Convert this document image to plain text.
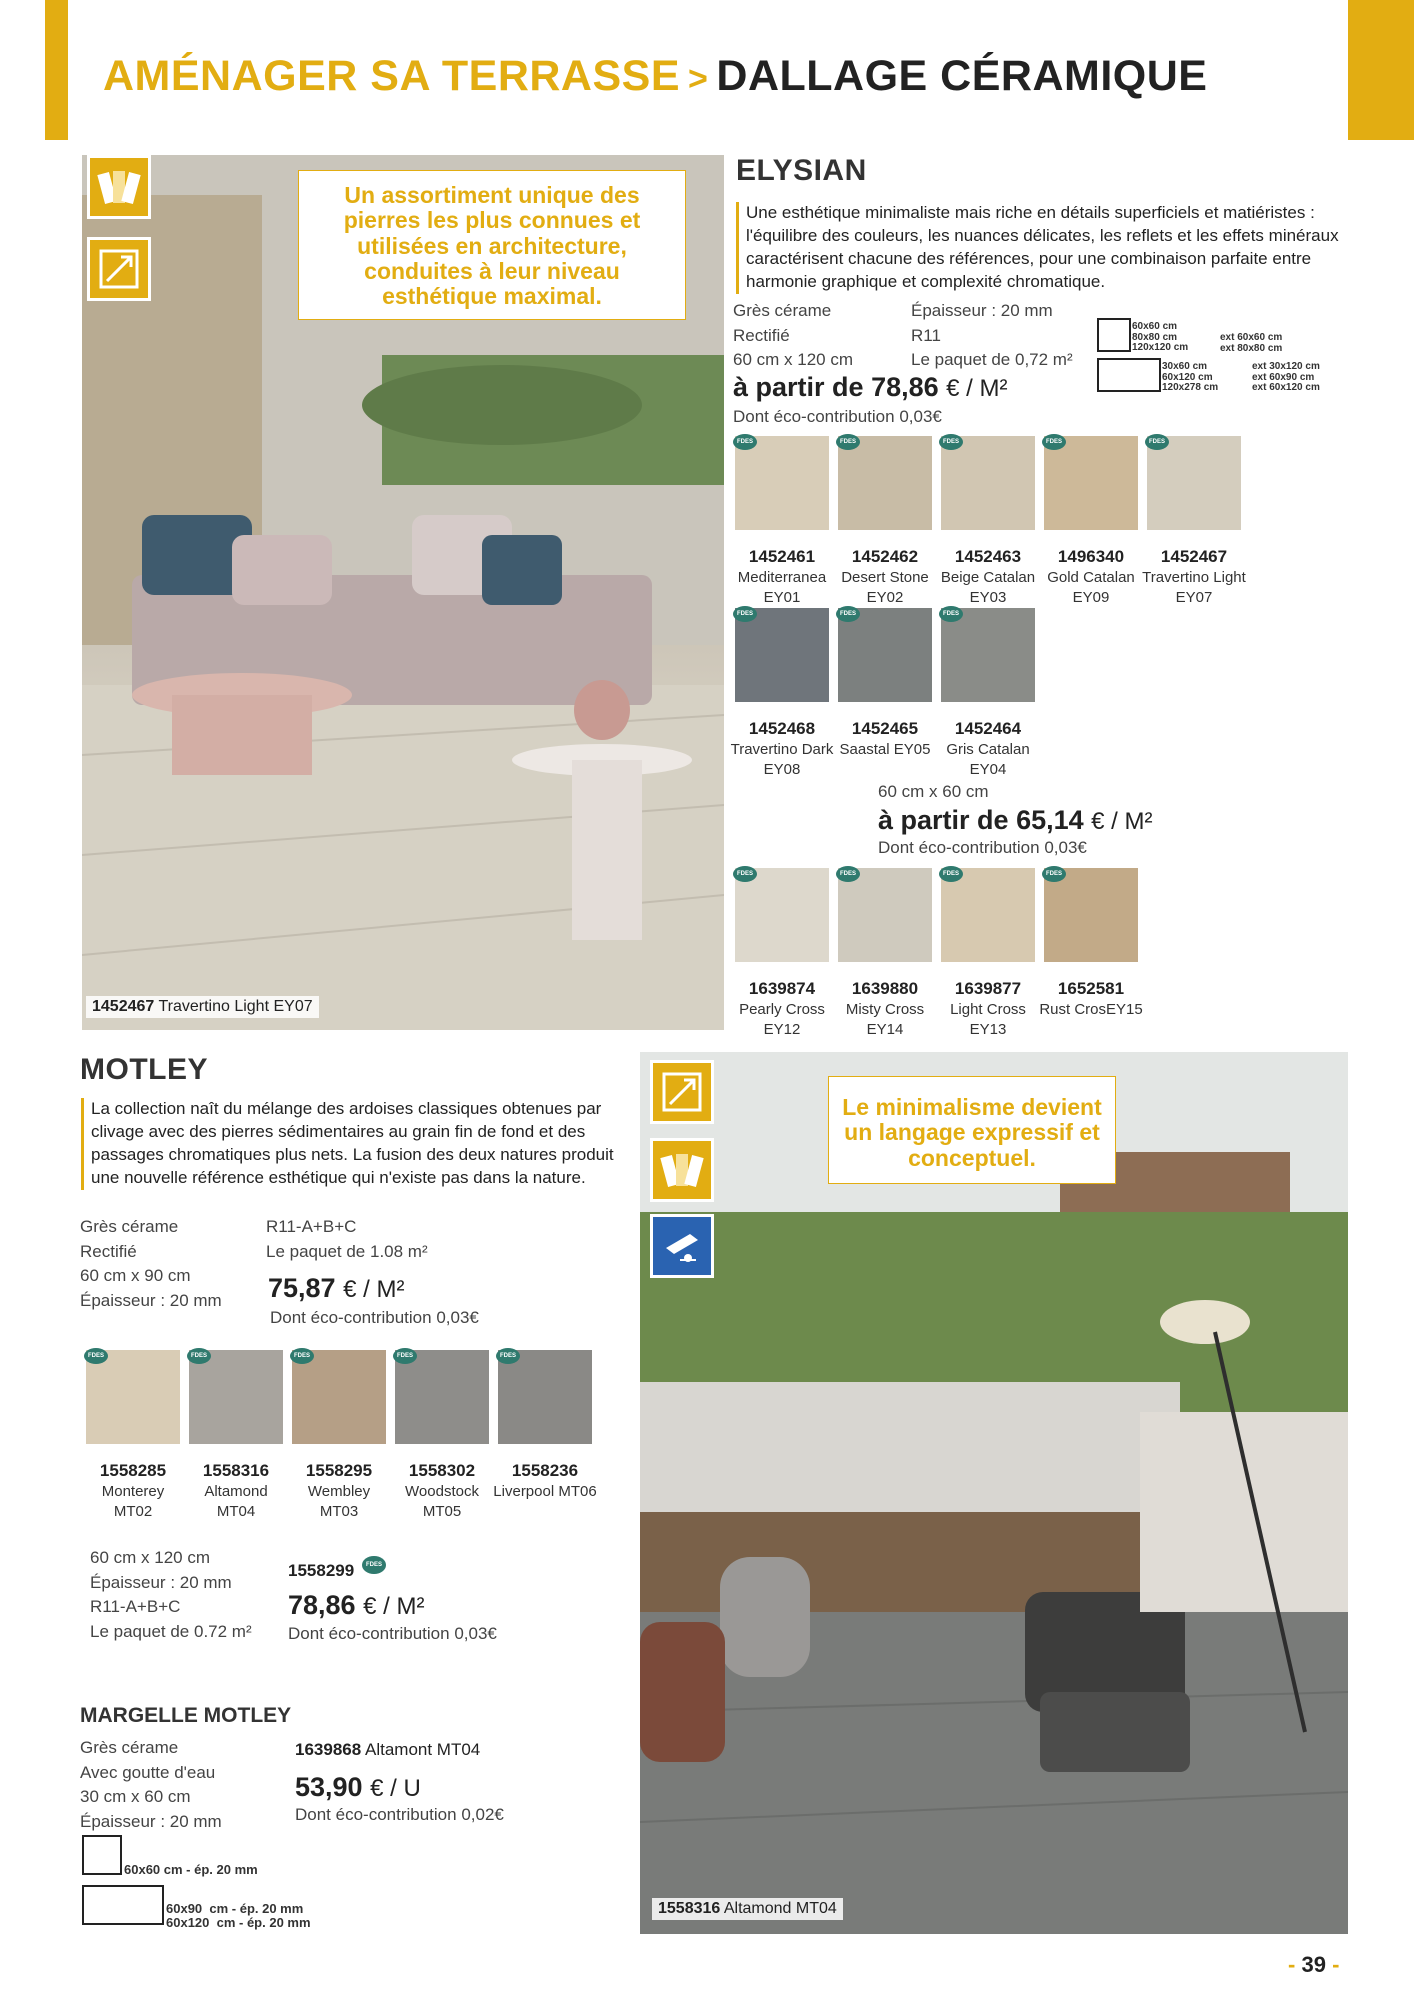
AMÉNAGER SA TERRASSE > DALLAGE CÉRAMIQUE
Un assortiment unique des pierres les plus connues et utilisées en architecture, conduites à leur niveau esthétique maximal.
1452467 Travertino Light EY07
ELYSIAN
Une esthétique minimaliste mais riche en détails superficiels et matiéristes : l'équilibre des couleurs, les nuances délicates, les reflets et les effets minéraux caractérisent chacune des références, pour une combinaison parfaite entre harmonie graphique et complexité chromatique.
Grès cérame
Rectifié
60 cm x 120 cm
Épaisseur : 20 mm
R11
Le paquet de 0,72 m²
à partir de 78,86 € / M²
Dont éco-contribution 0,03€
60x60 cm
80x80 cm
120x120 cm
ext 60x60 cm
ext 80x80 cm
30x60 cm
60x120 cm
120x278 cm
ext 30x120 cm
ext 60x90 cm
ext 60x120 cm
FDES
1452461
Mediterranea EY01
FDES
1452462
Desert Stone EY02
FDES
1452463
Beige Catalan EY03
FDES
1496340
Gold Catalan EY09
FDES
1452467
Travertino Light EY07
FDES
1452468
Travertino Dark EY08
FDES
1452465
Saastal EY05
FDES
1452464
Gris Catalan EY04
60 cm x 60 cm
à partir de 65,14 € / M²
Dont éco-contribution 0,03€
FDES
1639874
Pearly Cross EY12
FDES
1639880
Misty Cross EY14
FDES
1639877
Light Cross EY13
FDES
1652581
Rust CrosEY15
MOTLEY
La collection naît du mélange des ardoises classiques obtenues par clivage avec des pierres sédimentaires au grain fin de fond et des passages chromatiques plus nets. La fusion des deux natures produit une nouvelle référence esthétique qui n'existe pas dans la nature.
Grès cérame
Rectifié
60 cm x 90 cm
Épaisseur : 20 mm
R11-A+B+C
Le paquet de 1.08 m²
75,87 € / M²
Dont éco-contribution 0,03€
FDES
1558285
Monterey MT02
FDES
1558316
Altamond MT04
FDES
1558295
Wembley MT03
FDES
1558302
Woodstock MT05
FDES
1558236
Liverpool MT06
60 cm x 120 cm
Épaisseur : 20 mm
R11-A+B+C
Le paquet de 0.72 m²
1558299	FDES
78,86 € / M²
Dont éco-contribution 0,03€
MARGELLE MOTLEY
Grès cérame
Avec goutte d'eau
30 cm x 60 cm
Épaisseur : 20 mm
1639868 Altamont MT04
53,90 € / U
Dont éco-contribution 0,02€
60x60 cm - ép. 20 mm
60x90  cm - ép. 20 mm
60x120  cm - ép. 20 mm
Le minimalisme devient un langage expressif et conceptuel.
1558316 Altamond MT04
- 39 -
